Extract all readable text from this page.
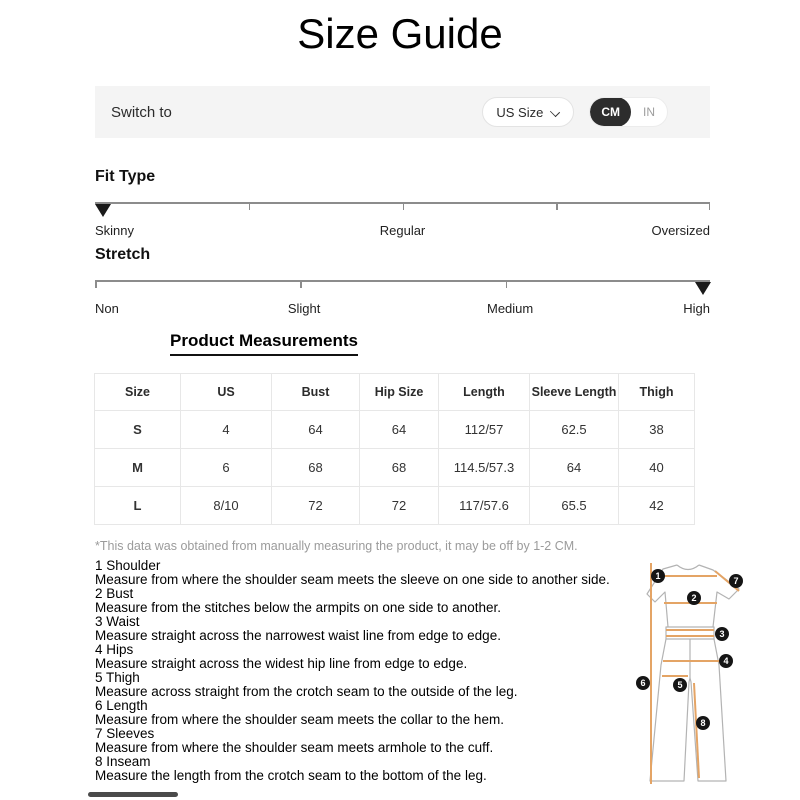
Size Guide
Switch to	US Size	CM	IN
Fit Type
Skinny	Regular	Oversized
Stretch
Non	Slight	Medium	High
Product Measurements
Size	US	Bust	Hip Size	Length	Sleeve Length	Thigh
S	4	64	64	112/57	62.5	38
M	6	68	68	114.5/57.3	64	40
L	8/10	72	72	117/57.6	65.5	42
*This data was obtained from manually measuring the product, it may be off by 1-2 CM.
1 Shoulder
Measure from where the shoulder seam meets the sleeve on one side to another side.
2 Bust
Measure from the stitches below the armpits on one side to another.
3 Waist
Measure straight across the narrowest waist line from edge to edge.
4 Hips
Measure straight across the widest hip line from edge to edge.
5 Thigh
Measure across straight from the crotch seam to the outside of the leg.
6 Length
Measure from where the shoulder seam meets the collar to the hem.
7 Sleeves
Measure from where the shoulder seam meets armhole to the cuff.
8 Inseam
Measure the length from the crotch seam to the bottom of the leg.
1	7
2
3
4
5
6
8
